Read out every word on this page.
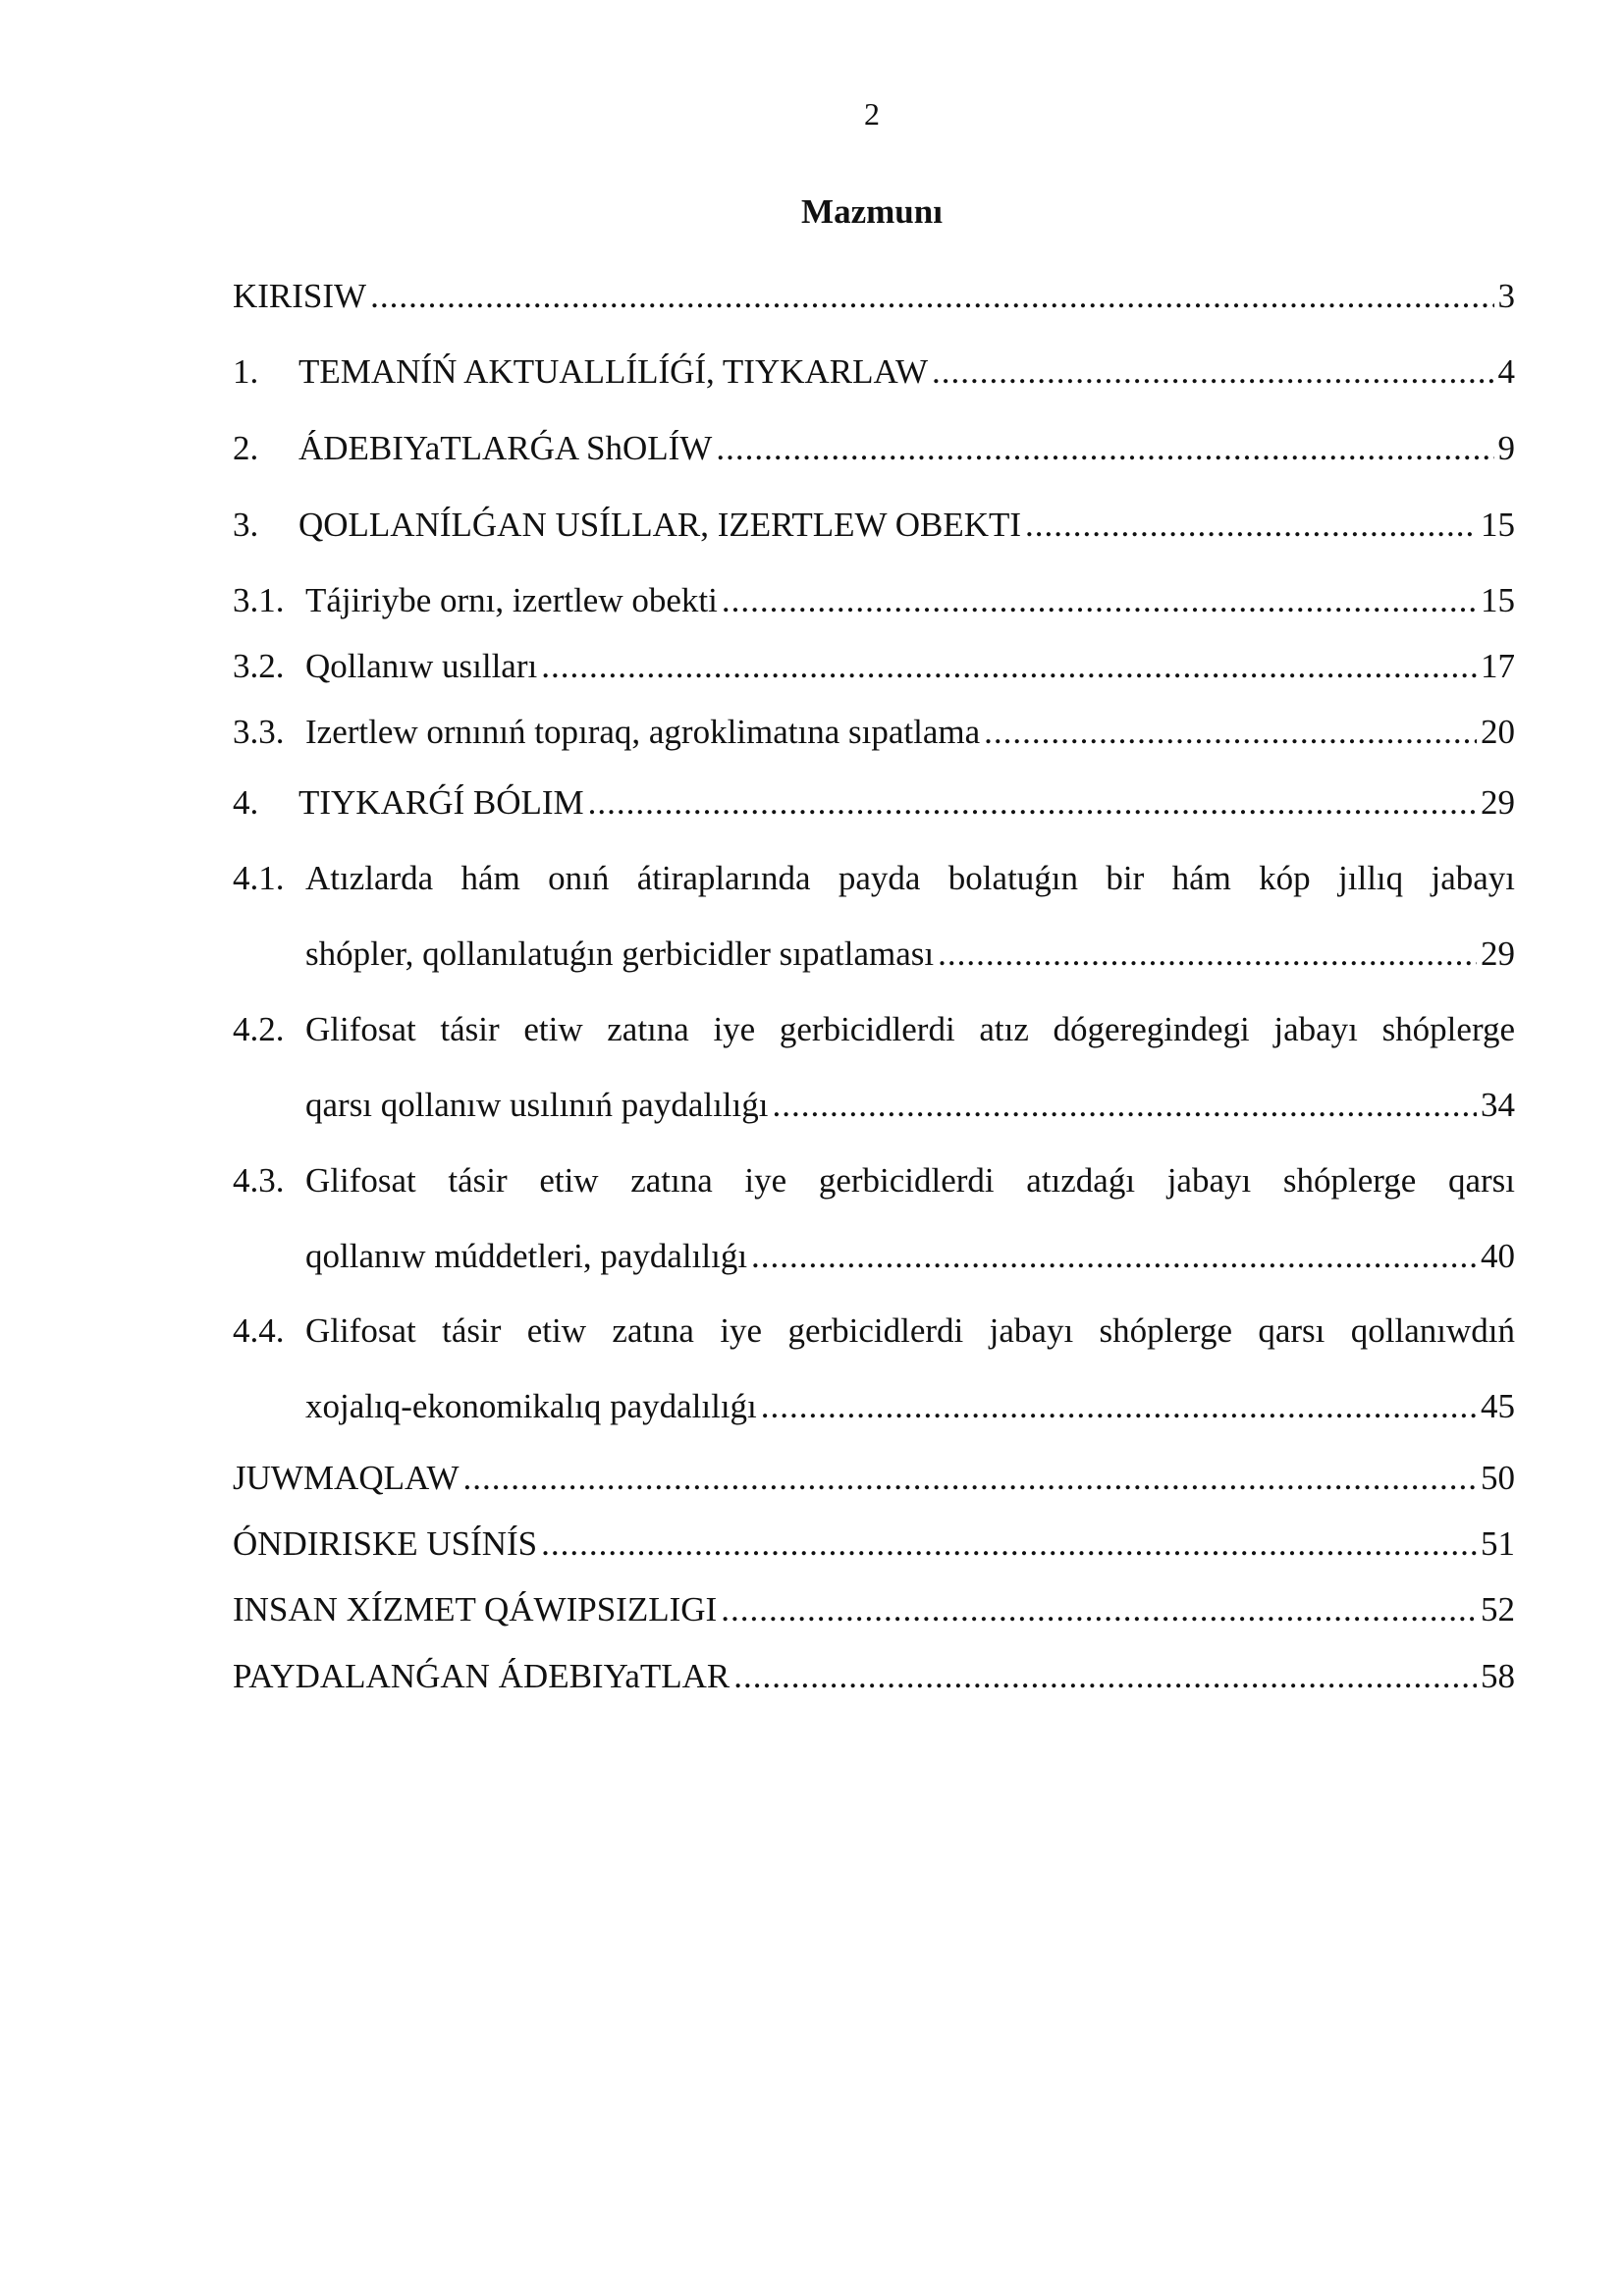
2
Mazmunı
KIRISIW .....	3
1.	TEMANÍŃ AKTUALLÍLÍǴÍ, TIYKARLAW .....	4
2.	ÁDEBIYaTLARǴA ShOLÍW .....	9
3.	QOLLANÍLǴAN USÍLLAR, IZERTLEW OBEKTI .....	15
3.1. Tájiriybe ornı, izertlew obekti .....	15
3.2. Qollanıw usılları .....	17
3.3. Izertlew ornınıń topıraq, agroklimatına sıpatlama .....	20
4.	TIYKARǴÍ BÓLIM .....	29
4.1. Atızlarda hám onıń átiraplarında payda bolatuǵın bir hám kóp jıllıq jabayı
shópler, qollanılatuǵın gerbicidler sıpatlaması .....	29
4.2. Glifosat tásir etiw zatına iye gerbicidlerdi atız dógeregindegi jabayı shóplerge
qarsı qollanıw usılınıń paydalılıǵı .....	34
4.3. Glifosat tásir etiw zatına iye gerbicidlerdi atızdaǵı jabayı shóplerge qarsı
qollanıw múddetleri, paydalılıǵı .....	40
4.4. Glifosat tásir etiw zatına iye gerbicidlerdi jabayı shóplerge qarsı qollanıwdıń
xojalıq-ekonomikalıq paydalılıǵı .....	45
JUWMAQLAW .....	50
ÓNDIRISKE USÍNÍS .....	51
INSAN XÍZMET QÁWIPSIZLIGI .....	52
PAYDALANǴAN ÁDEBIYaTLAR .....	58
